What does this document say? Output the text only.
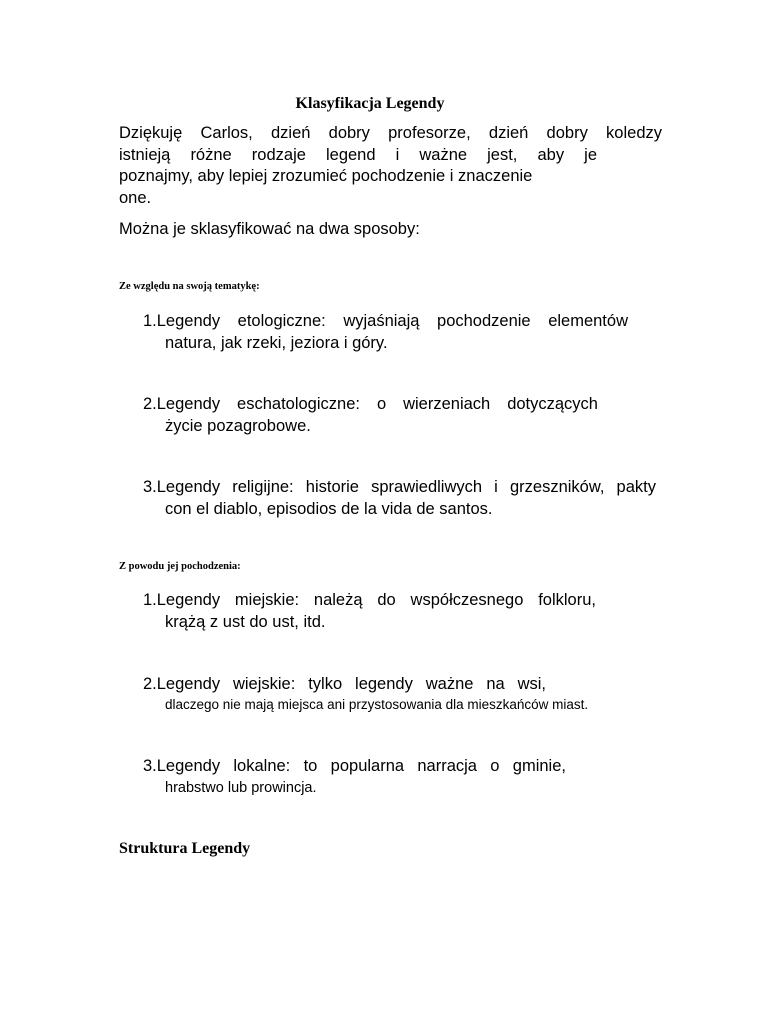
Klasyfikacja Legendy
Dziękuję Carlos, dzień dobry profesorze, dzień dobry koledzy
istnieją różne rodzaje legend i ważne jest, aby je
poznajmy, aby lepiej zrozumieć pochodzenie i znaczenie
one.
Można je sklasyfikować na dwa sposoby:
Ze względu na swoją tematykę:
1.Legendy etologiczne: wyjaśniają pochodzenie elementów
natura, jak rzeki, jeziora i góry.
2.Legendy eschatologiczne: o wierzeniach dotyczących
życie pozagrobowe.
3.Legendy religijne: historie sprawiedliwych i grzeszników, pakty
con el diablo, episodios de la vida de santos.
Z powodu jej pochodzenia:
1.Legendy miejskie: należą do współczesnego folkloru,
krążą z ust do ust, itd.
2.Legendy wiejskie: tylko legendy ważne na wsi,
dlaczego nie mają miejsca ani przystosowania dla mieszkańców miast.
3.Legendy lokalne: to popularna narracja o gminie,
hrabstwo lub prowincja.
Struktura Legendy
